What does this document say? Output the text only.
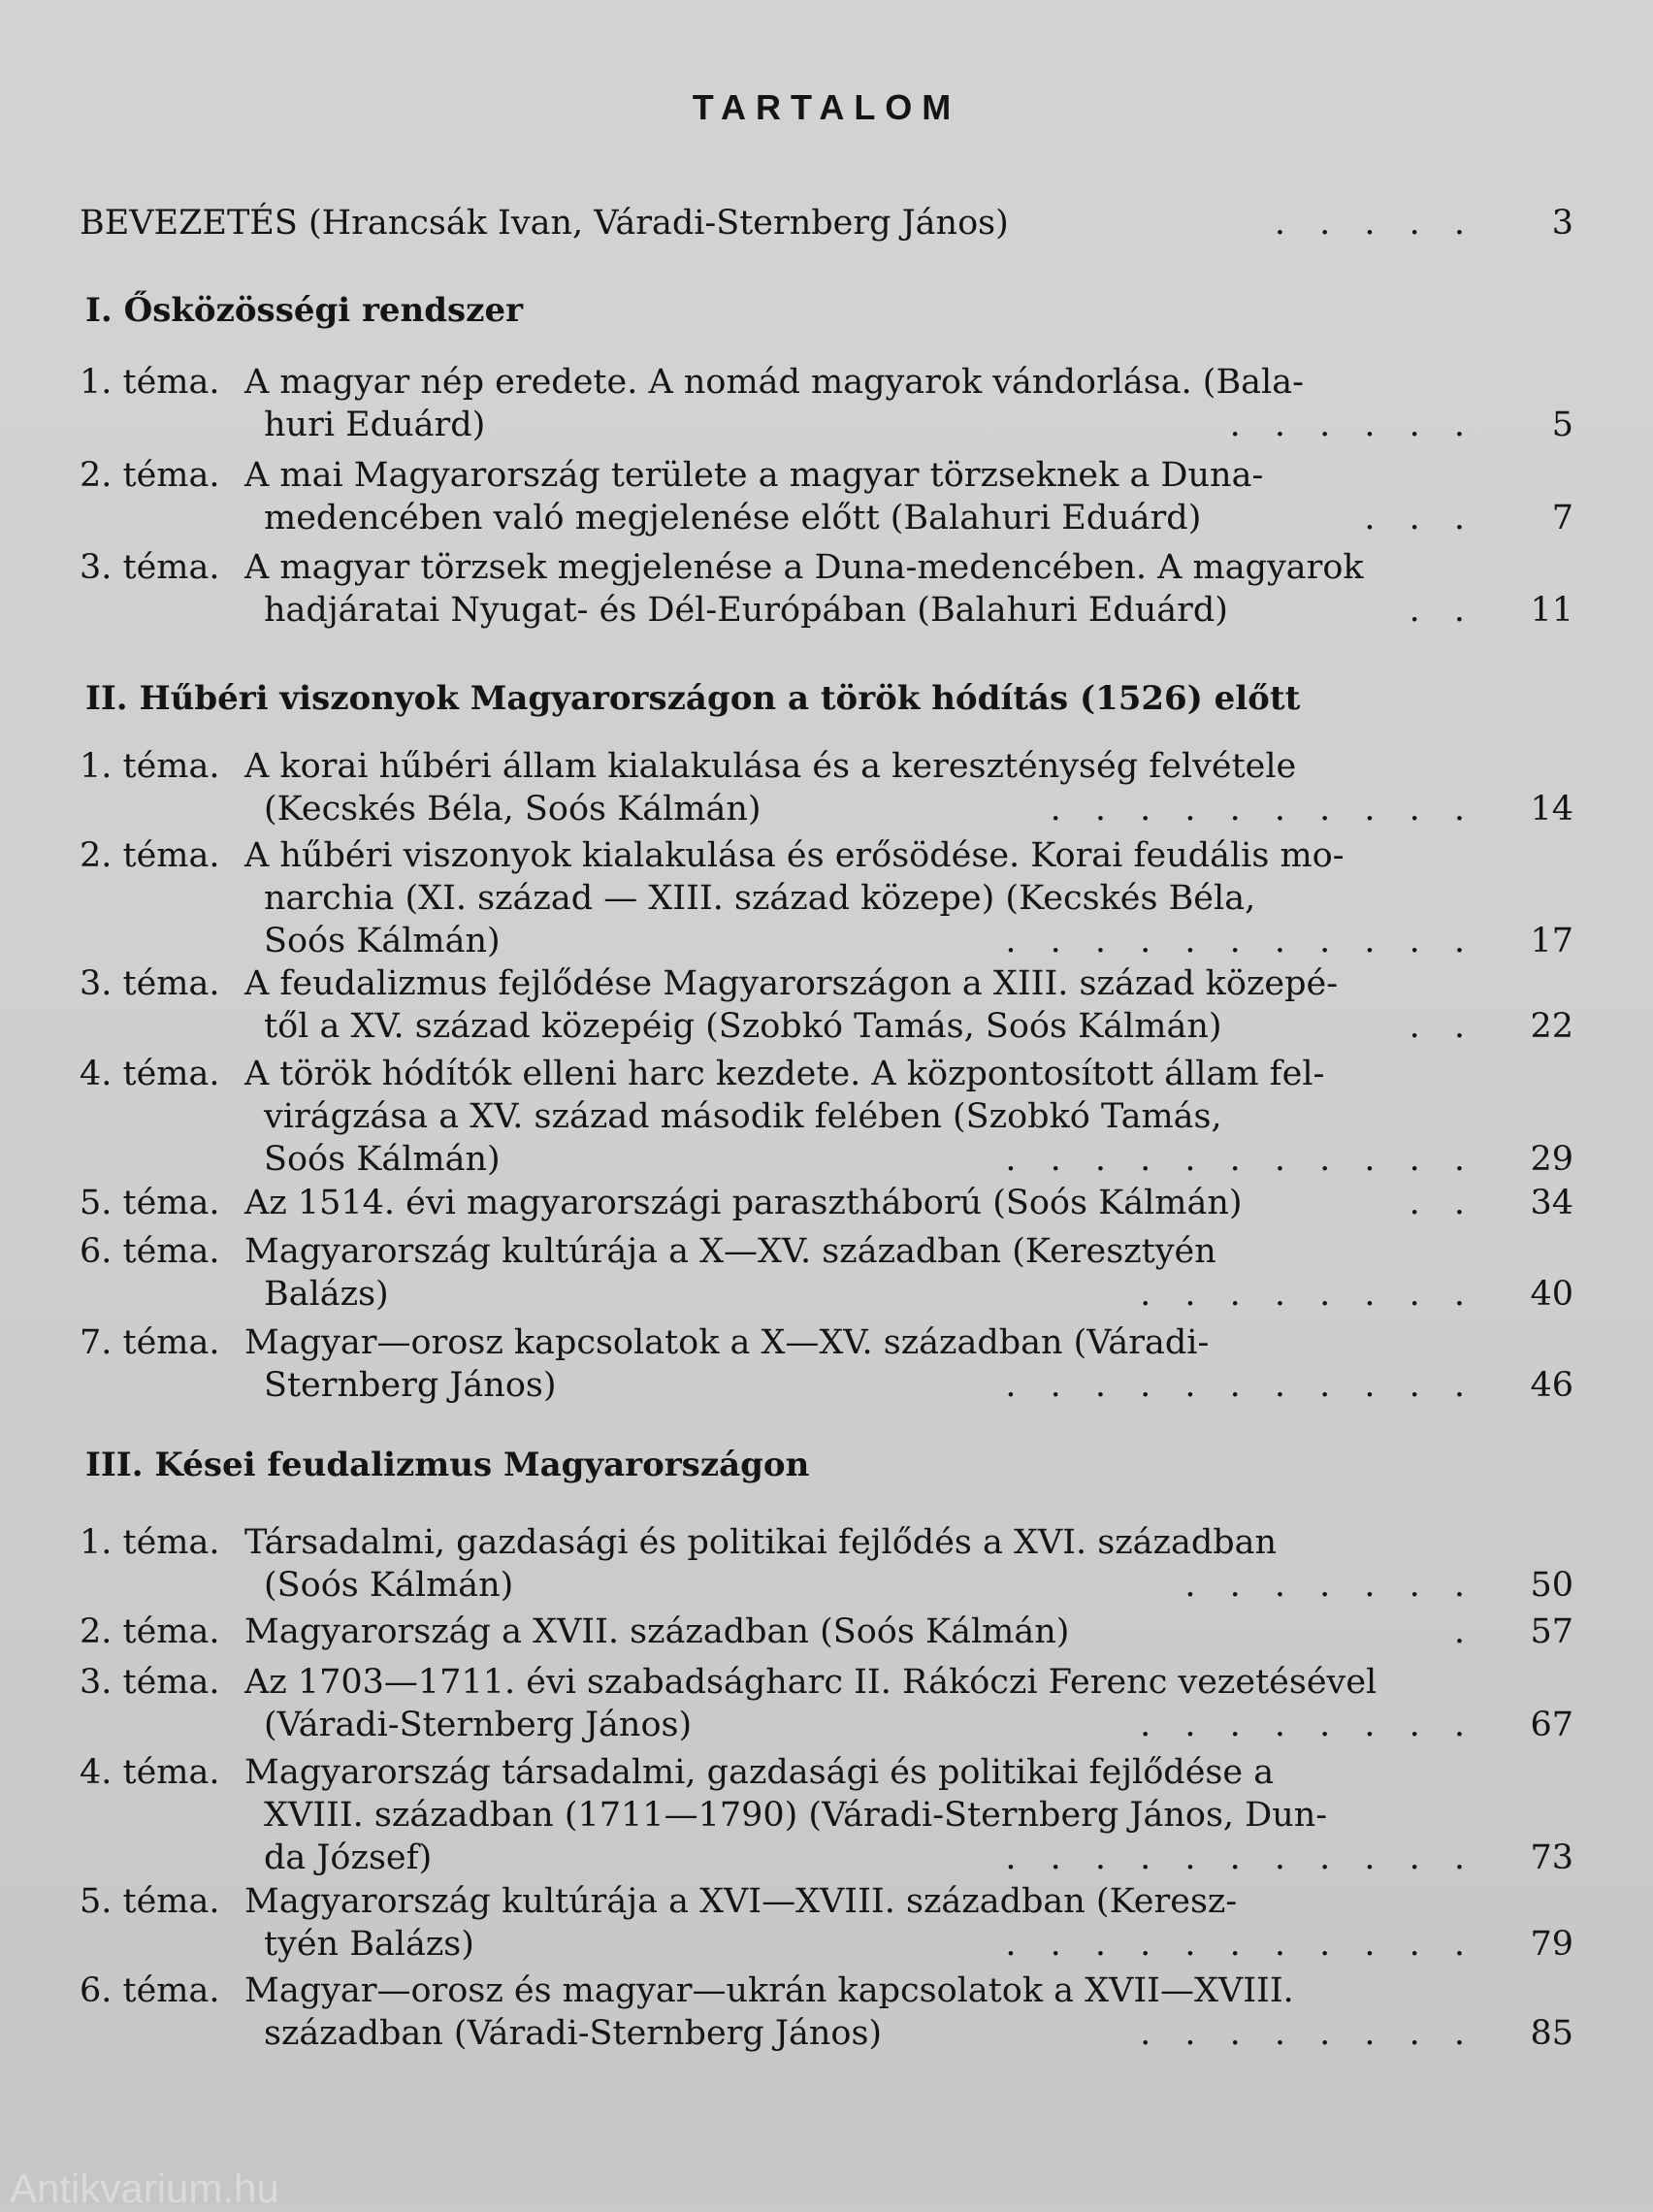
TARTALOM
BEVEZETÉS (Hrancsák Ivan, Váradi-Sternberg János)	. . . . . 3
I. Ősközösségi rendszer
1. téma. A magyar nép eredete. A nomád magyarok vándorlása. (Bala-
huri Eduárd)	. . . . . .	5
2. téma. A mai Magyarország területe a magyar törzseknek a Duna-
medencében való megjelenése előtt (Balahuri Eduárd)	. . .	7
3. téma. A magyar törzsek megjelenése a Duna-medencében. A magyarok
hadjáratai Nyugat- és Dél-Európában (Balahuri Eduárd)	. .	11
1. téma. A korai hűbéri állam kialakulása és a kereszténység felvétele
(Kecskés Béla, Soós Kálmán)	. . . . . . . . . .	14
2. téma. A hűbéri viszonyok kialakulása és erősödése. Korai feudális mo-
narchia (XI. század — XIII. század közepe) (Kecskés Béla,
Soós Kálmán)	. . . . . . . . . . .	17
3. téma. A feudalizmus fejlődése Magyarországon a XIII. század közepé-
től a XV. század közepéig (Szobkó Tamás, Soós Kálmán)	. .	22
4. téma. A török hódítók elleni harc kezdete. A központosított állam fel-
virágzása a XV. század második felében (Szobkó Tamás,
Soós Kálmán)	. . . . . . . . . . .	29
5. téma. Az 1514. évi magyarországi parasztháború (Soós Kálmán)	. .	34
6. téma. Magyarország kultúrája a X—XV. században (Keresztyén
Balázs)	. . . . . . . .	40
7. téma. Magyar—orosz kapcsolatok a X—XV. században (Váradi-
Sternberg János)	. . . . . . . . . . .	46
1. téma. Társadalmi, gazdasági és politikai fejlődés a XVI. században
(Soós Kálmán)	. . . . . . .	50
2. téma. Magyarország a XVII. században (Soós Kálmán)	.	57
3. téma. Az 1703—1711. évi szabadságharc II. Rákóczi Ferenc vezetésével
(Váradi-Sternberg János)	. . . . . . . .	67
4. téma. Magyarország társadalmi, gazdasági és politikai fejlődése a
XVIII. században (1711—1790) (Váradi-Sternberg János, Dun-
da József)	. . . . . . . . . . .	73
5. téma. Magyarország kultúrája a XVI—XVIII. században (Keresz-
tyén Balázs)	. . . . . . . . . . .	79
6. téma. Magyar—orosz és magyar—ukrán kapcsolatok a XVII—XVIII.
században (Váradi-Sternberg János)	. . . . . . . .	85
II. Hűbéri viszonyok Magyarországon a török hódítás (1526) előtt
III. Kései feudalizmus Magyarországon
Antikvarium.hu
